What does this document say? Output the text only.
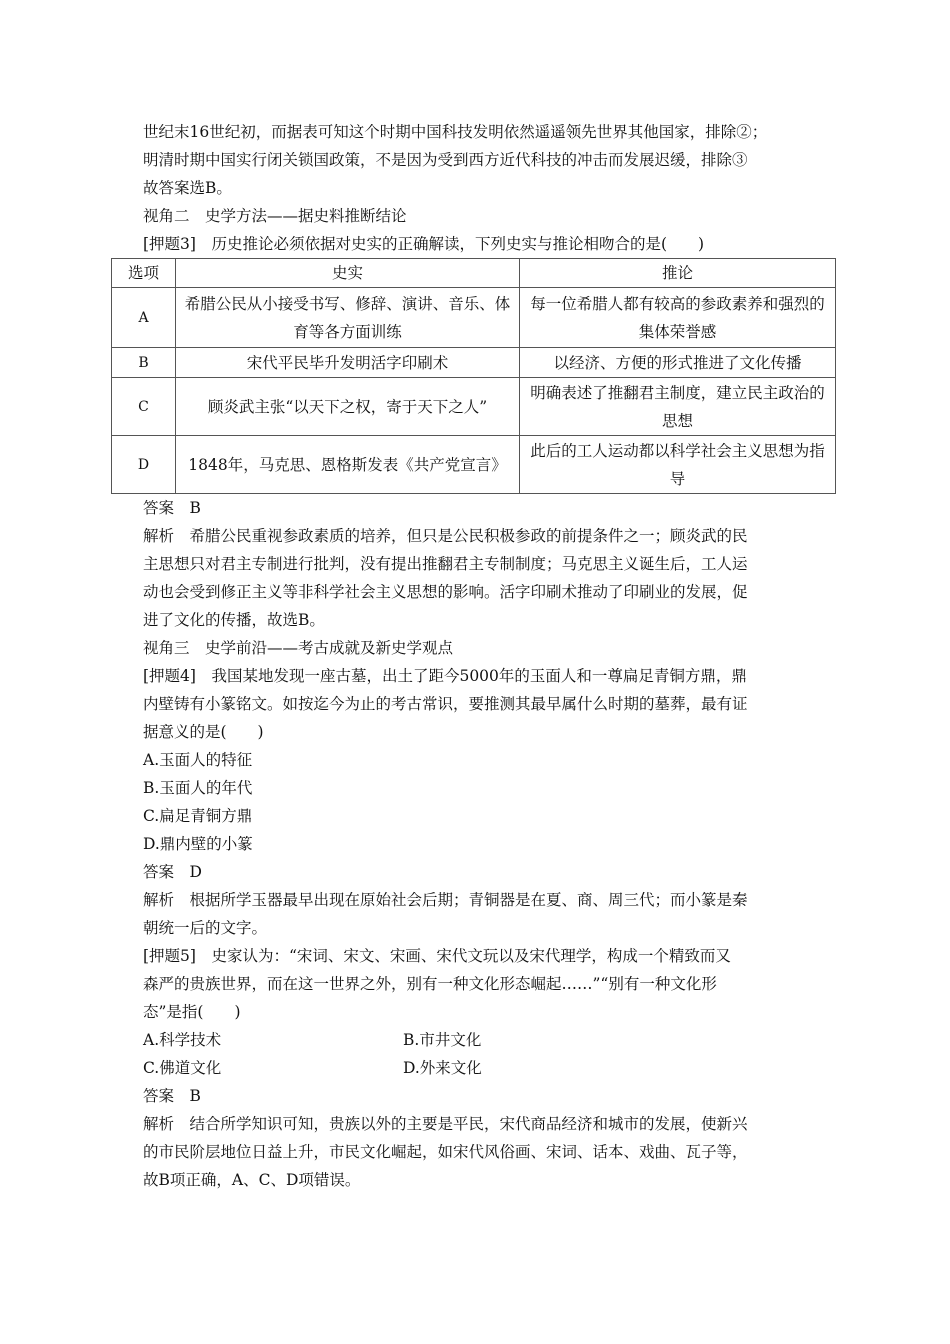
世纪末16世纪初，而据表可知这个时期中国科技发明依然遥遥领先世界其他国家，排除②；
明清时期中国实行闭关锁国政策，不是因为受到西方近代科技的冲击而发展迟缓，排除③
故答案选B。
视角二　史学方法——据史料推断结论
[押题3]　历史推论必须依据对史实的正确解读，下列史实与推论相吻合的是(　　)
选项	史实	推论
A	希腊公民从小接受书写、修辞、演讲、音乐、体育等各方面训练	每一位希腊人都有较高的参政素养和强烈的集体荣誉感
B	宋代平民毕升发明活字印刷术	以经济、方便的形式推进了文化传播
C	顾炎武主张“以天下之权，寄于天下之人”	明确表述了推翻君主制度，建立民主政治的思想
D	1848年，马克思、恩格斯发表《共产党宣言》	此后的工人运动都以科学社会主义思想为指导
答案　B
解析　希腊公民重视参政素质的培养，但只是公民积极参政的前提条件之一；顾炎武的民
主思想只对君主专制进行批判，没有提出推翻君主专制制度；马克思主义诞生后，工人运
动也会受到修正主义等非科学社会主义思想的影响。活字印刷术推动了印刷业的发展，促
进了文化的传播，故选B。
视角三　史学前沿——考古成就及新史学观点
[押题4]　我国某地发现一座古墓，出土了距今5000年的玉面人和一尊扁足青铜方鼎，鼎
内壁铸有小篆铭文。如按迄今为止的考古常识，要推测其最早属什么时期的墓葬，最有证
据意义的是(　　)
A.玉面人的特征
B.玉面人的年代
C.扁足青铜方鼎
D.鼎内壁的小篆
答案　D
解析　根据所学玉器最早出现在原始社会后期；青铜器是在夏、商、周三代；而小篆是秦
朝统一后的文字。
[押题5]　史家认为：“宋词、宋文、宋画、宋代文玩以及宋代理学，构成一个精致而又
森严的贵族世界，而在这一世界之外，别有一种文化形态崛起……”“别有一种文化形
态”是指(　　)
A.科学技术	B.市井文化
C.佛道文化	D.外来文化
答案　B
解析　结合所学知识可知，贵族以外的主要是平民，宋代商品经济和城市的发展，使新兴
的市民阶层地位日益上升，市民文化崛起，如宋代风俗画、宋词、话本、戏曲、瓦子等，
故B项正确，A、C、D项错误。
